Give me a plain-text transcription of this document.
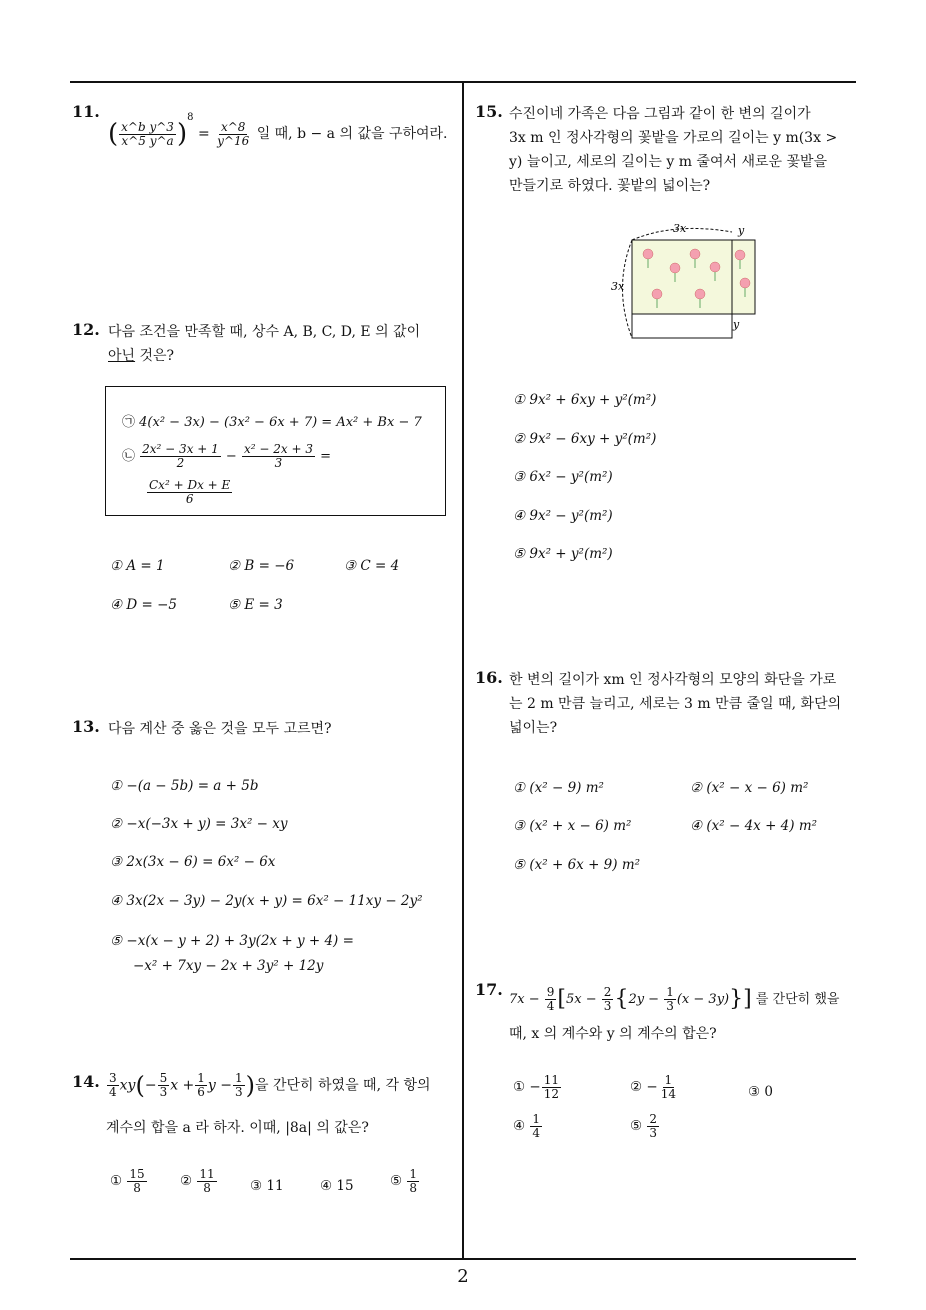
11.
( $\frac{\text{x\textasciicircum{}b y\textasciicircum{}3}}{x\^{}5 y\^{}a} )^8 = \frac{x\^{}8}{y\^{}16}$ 일 때, b − a 의 값을 구하여라.
12. 다음 조건을 만족할 때, 상수 A, B, C, D, E 의 값이
아닌 것은?
㉠ 4(x² − 3x) − (3x² − 6x + 7) = Ax² + Bx − 7
㉡ $\frac{\text{2x² − 3x + 1}}{2} - \frac{\text{x² − 2x + 3}}{3}$ =
$\frac{\text{Cx² + Dx + E}}{6}$
① A = 1	② B = −6	③ C = 4
④ D = −5	⑤ E = 3
13. 다음 계산 중 옳은 것을 모두 고르면?
① −(a − 5b) = a + 5b
② −x(−3x + y) = 3x² − xy
③ 2x(3x − 6) = 6x² − 6x
④ 3x(2x − 3y) − 2y(x + y) = 6x² − 11xy − 2y²
⑤ −x(x − y + 2) + 3y(2x + y + 4) =
−x² + 7xy − 2x + 3y² + 12y
14. $\frac{3}{4} xy(- \frac{5}{3}$ $x + \frac{1}{6}$ $y - \frac{1}{3}$ )을 간단히 하였을 때, 각 항의
계수의 합을 a 라 하자. 이때, |8a| 의 값은?
① $\frac{15}{8}$ ② $\frac{11}{8}$ ③ 11	④ 15	⑤ $\frac{1}{8}$
15. 수진이네 가족은 다음 그림과 같이 한 변의 길이가
3x m 인 정사각형의 꽃밭을 가로의 길이는 y m(3x >
y) 늘이고, 세로의 길이는 y m 줄여서 새로운 꽃밭을
만들기로 하였다. 꽃밭의 넓이는?
3x	y
3x
y
① 9x² + 6xy + y²(m²)
② 9x² − 6xy + y²(m²)
③ 6x² − y²(m²)
④ 9x² − y²(m²)
⑤ 9x² + y²(m²)
16. 한 변의 길이가 xm 인 정사각형의 모양의 화단을 가로
는 2 m 만큼 늘리고, 세로는 3 m 만큼 줄일 때, 화단의
넓이는?
① (x² − 9) m²	② (x² − x − 6) m²
③ (x² + x − 6) m²	④ (x² − 4x + 4) m²
⑤ (x² + 6x + 9) m²
17.
$7x - \frac{9}{4} [5x - \frac{2}{3} \{2y - \frac{1}{3} (x - 3y)\}]$ 를 간단히 했을
때, x 의 계수와 y 의 계수의 합은?
① − $\frac{11}{12}$	② − $\frac{1}{14}$	③ 0
④ $\frac{1}{4}$	⑤ $\frac{2}{3}$
2
